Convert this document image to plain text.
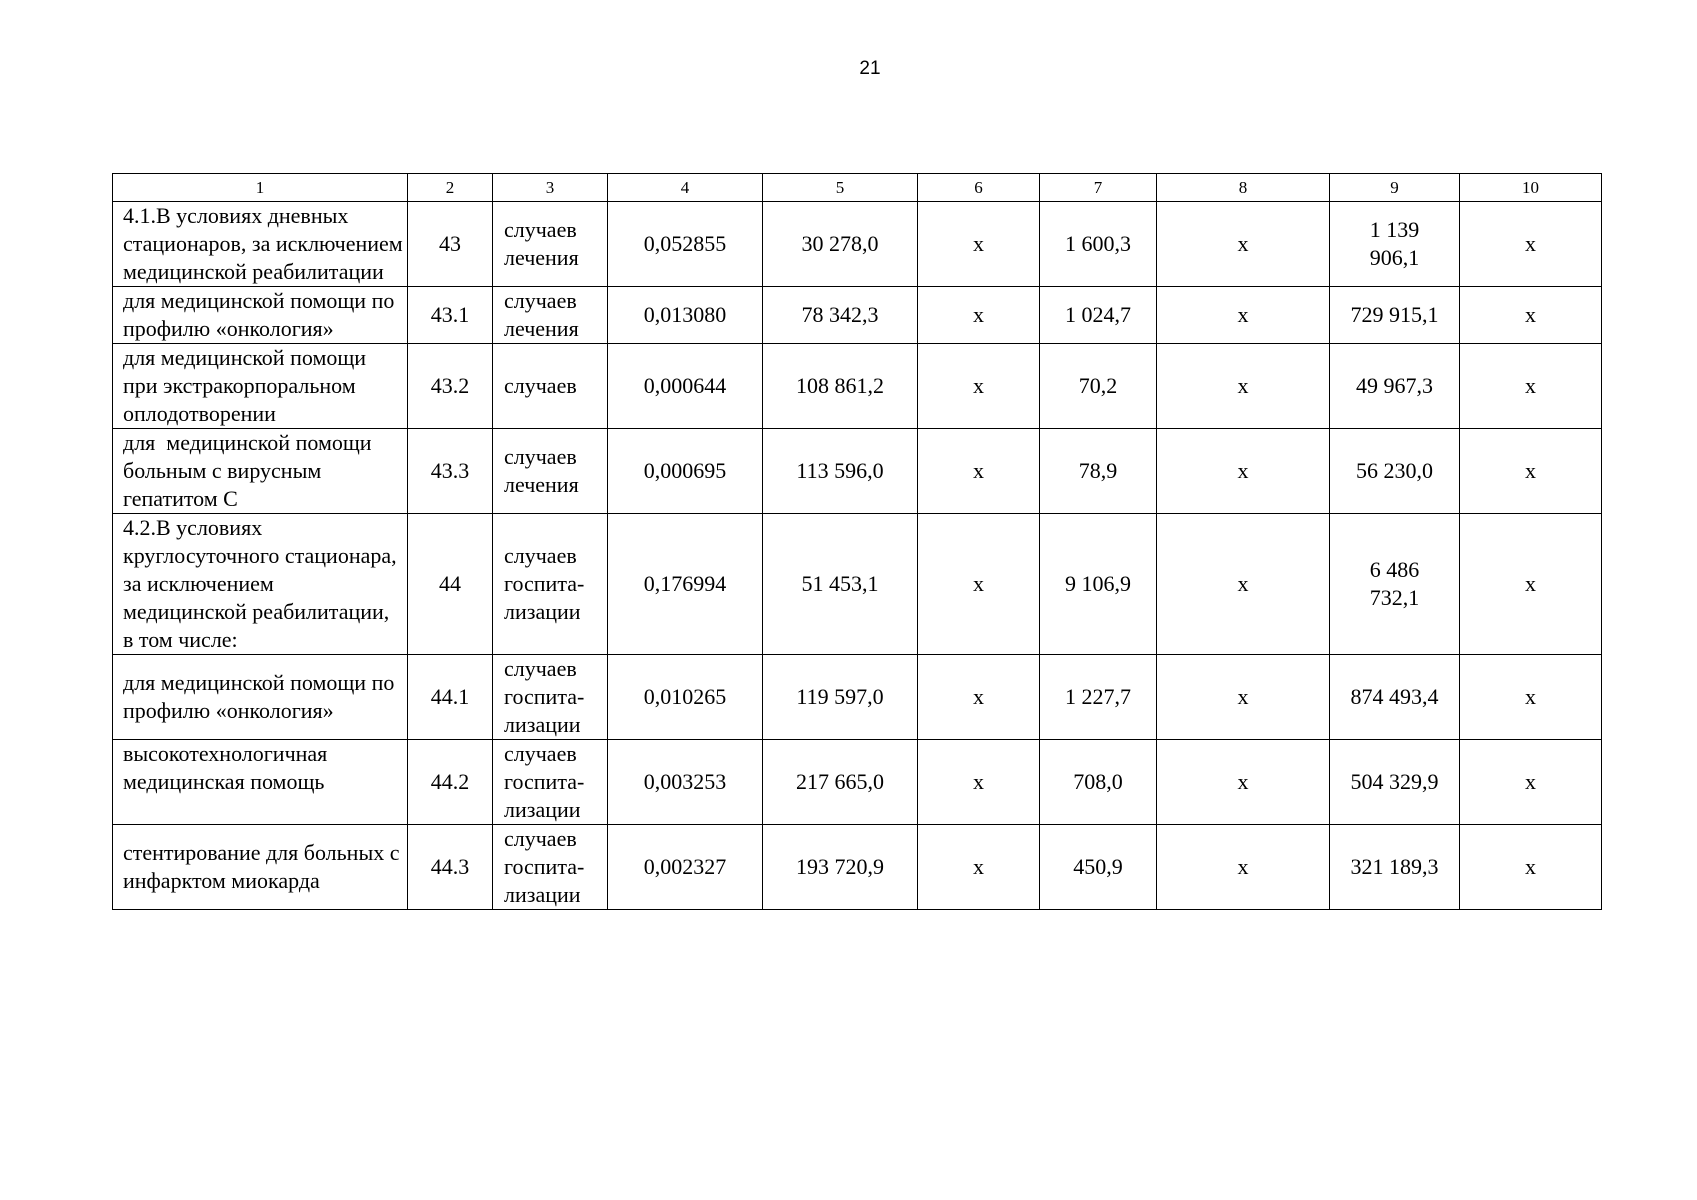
21
1	2	3	4	5	6	7	8	9	10
4.1.В условиях дневных стационаров, за исключением медицинской реабилитации	43	случаев
лечения	0,052855	30 278,0	х	1 600,3	х	1 139 906,1	х
для медицинской помощи по профилю «онкология»	43.1	случаев
лечения	0,013080	78 342,3	х	1 024,7	х	729 915,1	х
для медицинской помощи при экстракорпоральном оплодотворении	43.2	случаев	0,000644	108 861,2	х	70,2	х	49 967,3	х
для  медицинской помощи больным с вирусным гепатитом С	43.3	случаев
лечения	0,000695	113 596,0	х	78,9	х	56 230,0	х
4.2.В условиях круглосуточного стационара, за исключением медицинской реабилитации, в том числе:	44	случаев
госпита-
лизации	0,176994	51 453,1	х	9 106,9	х	6 486 732,1	х
для медицинской помощи по профилю «онкология»	44.1	случаев
госпита-
лизации	0,010265	119 597,0	х	1 227,7	х	874 493,4	х
высокотехнологичная медицинская помощь	44.2	случаев
госпита-
лизации	0,003253	217 665,0	х	708,0	х	504 329,9	х
стентирование для больных с инфарктом миокарда	44.3	случаев
госпита-
лизации	0,002327	193 720,9	х	450,9	х	321 189,3	х
